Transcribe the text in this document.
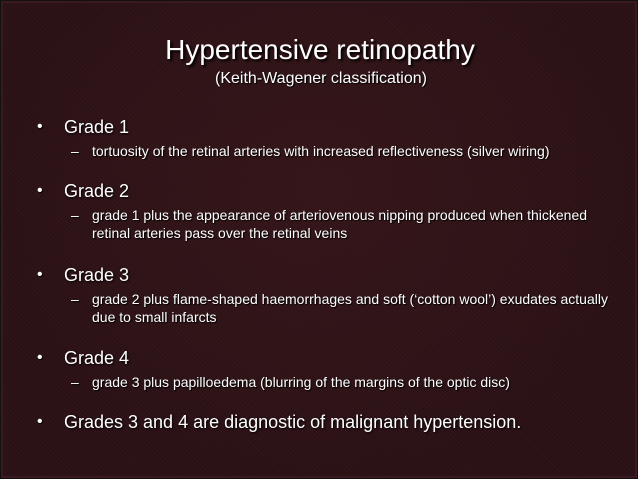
Hypertensive retinopathy
(Keith-Wagener classification)
• Grade 1
– tortuosity of the retinal arteries with increased reflectiveness (silver wiring)
• Grade 2
– grade 1 plus the appearance of arteriovenous nipping produced when thickened retinal arteries pass over the retinal veins
• Grade 3
– grade 2 plus flame-shaped haemorrhages and soft (‘cotton wool’) exudates actually due to small infarcts
• Grade 4
– grade 3 plus papilloedema (blurring of the margins of the optic disc)
• Grades 3 and 4 are diagnostic of malignant hypertension.
